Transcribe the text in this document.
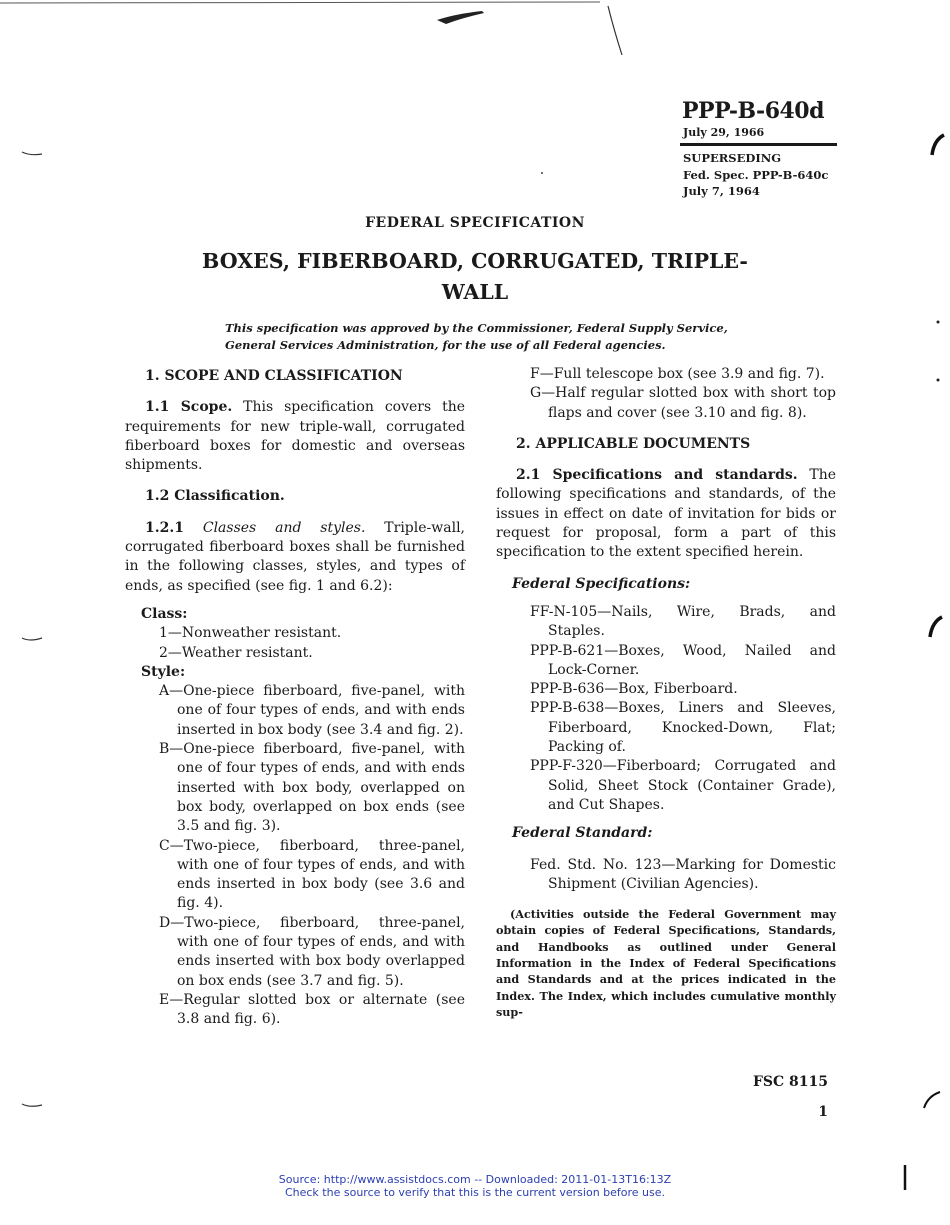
PPP-B-640d
July 29, 1966
SUPERSEDING
Fed. Spec. PPP-B-640c
July 7, 1964
FEDERAL SPECIFICATION
BOXES, FIBERBOARD, CORRUGATED, TRIPLE-WALL
This specification was approved by the Commissioner, Federal Supply Service, General Services Administration, for the use of all Federal agencies.

1. SCOPE AND CLASSIFICATION

1.1 Scope. This specification covers the requirements for new triple-wall, corrugated fiberboard boxes for domestic and overseas shipments.

1.2 Classification.

1.2.1 Classes and styles. Triple-wall, corrugated fiberboard boxes shall be furnished in the following classes, styles, and types of ends, as specified (see fig. 1 and 6.2):

Class:

1—Nonweather resistant.

2—Weather resistant.

Style:

A—One-piece fiberboard, five-panel, with one of four types of ends, and with ends inserted in box body (see 3.4 and fig. 2).

B—One-piece fiberboard, five-panel, with one of four types of ends, and with ends inserted with box body, overlapped on box body, overlapped on box ends (see 3.5 and fig. 3).

C—Two-piece, fiberboard, three-panel, with one of four types of ends, and with ends inserted in box body (see 3.6 and fig. 4).

D—Two-piece, fiberboard, three-panel, with one of four types of ends, and with ends inserted with box body overlapped on box ends (see 3.7 and fig. 5).

E—Regular slotted box or alternate (see 3.8 and fig. 6).

F—Full telescope box (see 3.9 and fig. 7).

G—Half regular slotted box with short top flaps and cover (see 3.10 and fig. 8).

2. APPLICABLE DOCUMENTS

2.1 Specifications and standards. The following specifications and standards, of the issues in effect on date of invitation for bids or request for proposal, form a part of this specification to the extent specified herein.

Federal Specifications:

FF-N-105—Nails, Wire, Brads, and Staples.

PPP-B-621—Boxes, Wood, Nailed and Lock-Corner.

PPP-B-636—Box, Fiberboard.

PPP-B-638—Boxes, Liners and Sleeves, Fiberboard, Knocked-Down, Flat; Packing of.

PPP-F-320—Fiberboard; Corrugated and Solid, Sheet Stock (Container Grade), and Cut Shapes.

Federal Standard:

Fed. Std. No. 123—Marking for Domestic Shipment (Civilian Agencies).

(Activities outside the Federal Government may obtain copies of Federal Specifications, Standards, and Handbooks as outlined under General Information in the Index of Federal Specifications and Standards and at the prices indicated in the Index. The Index, which includes cumulative monthly sup-

FSC 8115
1
Source: http://www.assistdocs.com -- Downloaded: 2011-01-13T16:13Z
Check the source to verify that this is the current version before use.
